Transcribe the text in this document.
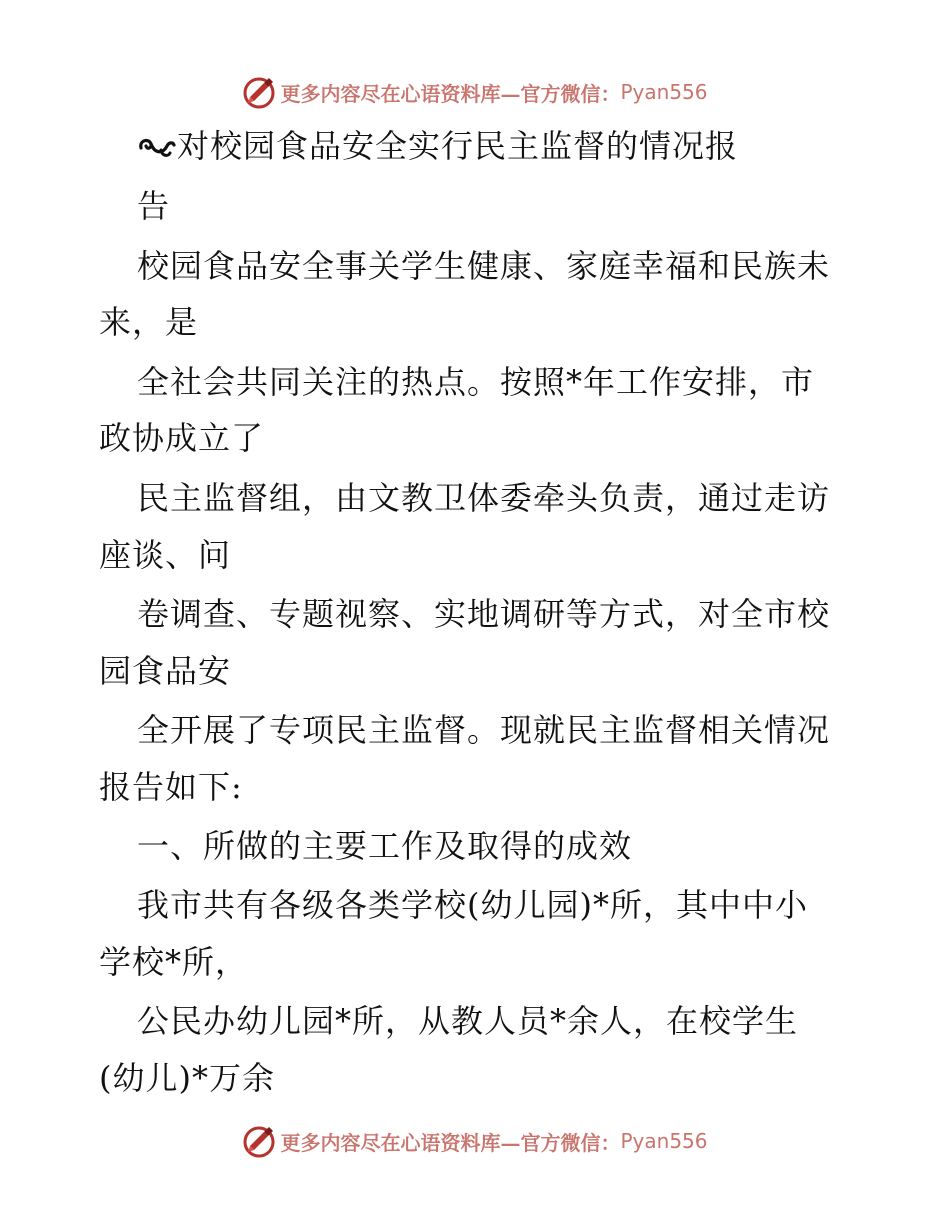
更多内容尽在心语资料库—官方微信： Pyan556
对校园食品安全实行民主监督的情况报
告
校园食品安全事关学生健康、家庭幸福和民族未
来，是
全社会共同关注的热点。按照*年工作安排，市
政协成立了
民主监督组，由文教卫体委牵头负责，通过走访
座谈、问
卷调查、专题视察、实地调研等方式，对全市校
园食品安
全开展了专项民主监督。现就民主监督相关情况
报告如下:
一、所做的主要工作及取得的成效
我市共有各级各类学校(幼儿园)*所，其中中小
学校*所，
公民办幼儿园*所，从教人员*余人，在校学生
(幼儿)*万余
更多内容尽在心语资料库—官方微信： Pyan556
